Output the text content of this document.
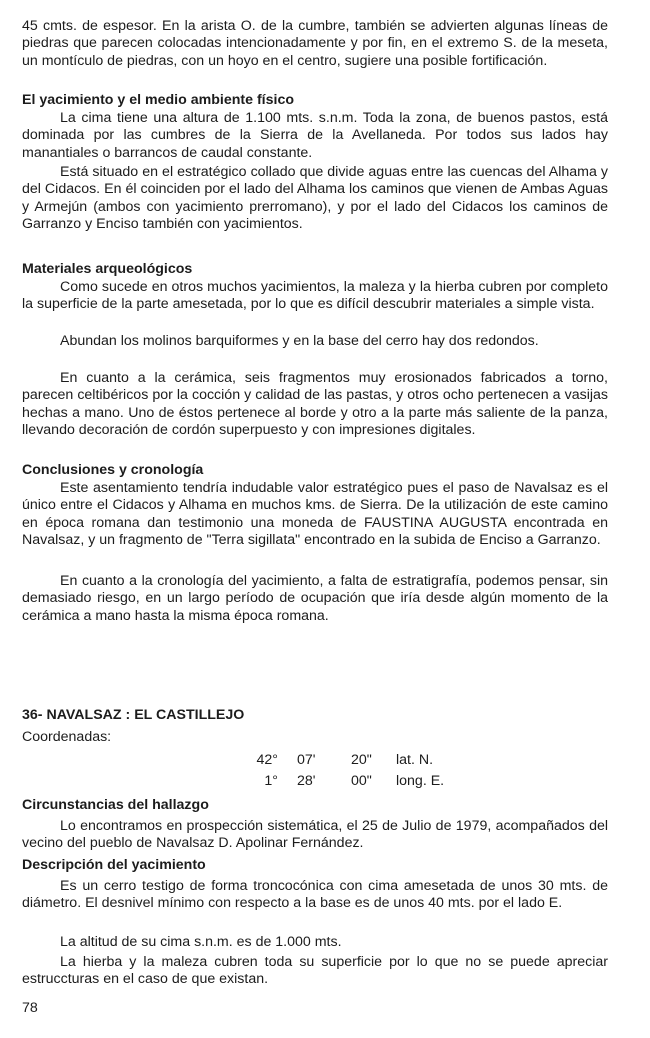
45 cmts. de espesor. En la arista O. de la cumbre, también se advierten algunas líneas de piedras que parecen colocadas intencionadamente y por fin, en el extremo S. de la meseta, un montículo de piedras, con un hoyo en el centro, sugiere una posible fortificación.

El yacimiento y el medio ambiente físico

La cima tiene una altura de 1.100 mts. s.n.m. Toda la zona, de buenos pastos, está dominada por las cumbres de la Sierra de la Avellaneda. Por todos sus lados hay manantiales o barrancos de caudal constante.

Está situado en el estratégico collado que divide aguas entre las cuencas del Alhama y del Cidacos. En él coinciden por el lado del Alhama los caminos que vienen de Ambas Aguas y Armejún (ambos con yacimiento prerromano), y por el lado del Cidacos los caminos de Garranzo y Enciso también con yacimientos.

Materiales arqueológicos

Como sucede en otros muchos yacimientos, la maleza y la hierba cubren por completo la superficie de la parte amesetada, por lo que es difícil descubrir materiales a simple vista.

Abundan los molinos barquiformes y en la base del cerro hay dos redondos.

En cuanto a la cerámica, seis fragmentos muy erosionados fabricados a torno, parecen celtibéricos por la cocción y calidad de las pastas, y otros ocho pertenecen a vasijas hechas a mano. Uno de éstos pertenece al borde y otro a la parte más saliente de la panza, llevando decoración de cordón superpuesto y con impresiones digitales.

Conclusiones y cronología

Este asentamiento tendría indudable valor estratégico pues el paso de Navalsaz es el único entre el Cidacos y Alhama en muchos kms. de Sierra. De la utilización de este camino en época romana dan testimonio una moneda de FAUSTINA AUGUSTA encontrada en Navalsaz, y un fragmento de "Terra sigillata" encontrado en la subida de Enciso a Garranzo.

En cuanto a la cronología del yacimiento, a falta de estratigrafía, podemos pensar, sin demasiado riesgo, en un largo período de ocupación que iría desde algún momento de la cerámica a mano hasta la misma época romana.

36- NAVALSAZ : EL CASTILLEJO

Coordenadas:

42° 07'	20" lat. N.
1° 28'	00" long. E.

Circunstancias del hallazgo

Lo encontramos en prospección sistemática, el 25 de Julio de 1979, acompañados del vecino del pueblo de Navalsaz D. Apolinar Fernández.

Descripción del yacimiento

Es un cerro testigo de forma troncocónica con cima amesetada de unos 30 mts. de diámetro. El desnivel mínimo con respecto a la base es de unos 40 mts. por el lado E.

La altitud de su cima s.n.m. es de 1.000 mts.

La hierba y la maleza cubren toda su superficie por lo que no se puede apreciar estruccturas en el caso de que existan.

78
